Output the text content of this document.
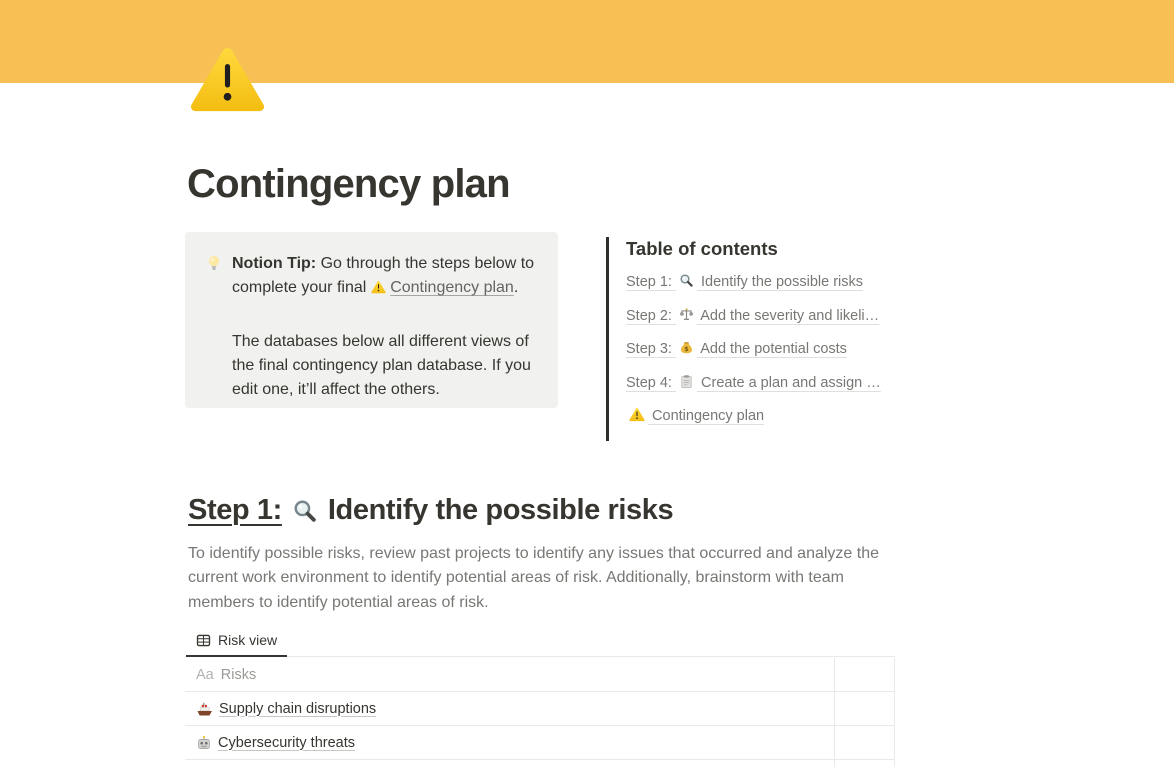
Contingency plan

Notion Tip: Go through the steps below to complete your final  Contingency plan.

The databases below all different views of the final contingency plan database. If you edit one, it’ll affect the others.

Table of contents
Step 1:  Identify the possible risks
Step 2:  Add the severity and likeli…
Step 3:  Add the potential costs
Step 4:  Create a plan and assign …
Contingency plan
Step 1: Identify the possible risks

To identify possible risks, review past projects to identify any issues that occurred and analyze the current work environment to identify potential areas of risk. Additionally, brainstorm with team members to identify potential areas of risk.

Risk view
Aa Risks
Supply chain disruptions
Cybersecurity threats
